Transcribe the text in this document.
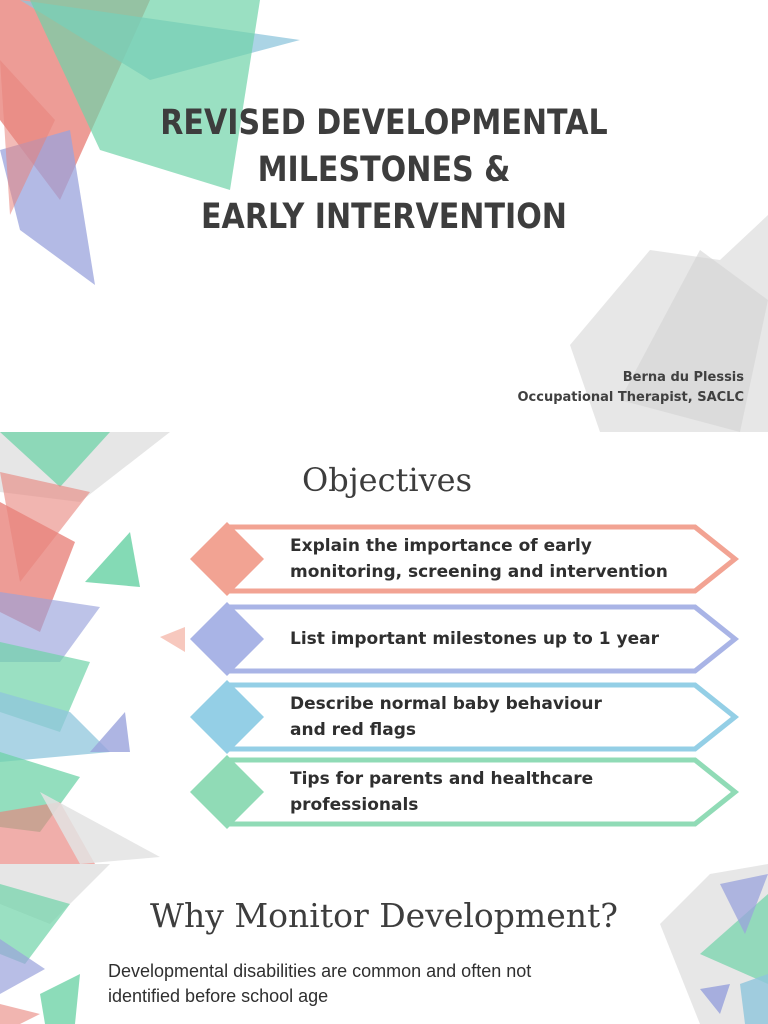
REVISED DEVELOPMENTAL
MILESTONES &
EARLY INTERVENTION
Berna du Plessis
Occupational Therapist, SACLC
Objectives
Explain the importance of early
monitoring, screening and intervention
List important milestones up to 1 year
Describe normal baby behaviour
and red flags
Tips for parents and healthcare
professionals
Why Monitor Development?

Developmental disabilities are common and often not
identified before school age
